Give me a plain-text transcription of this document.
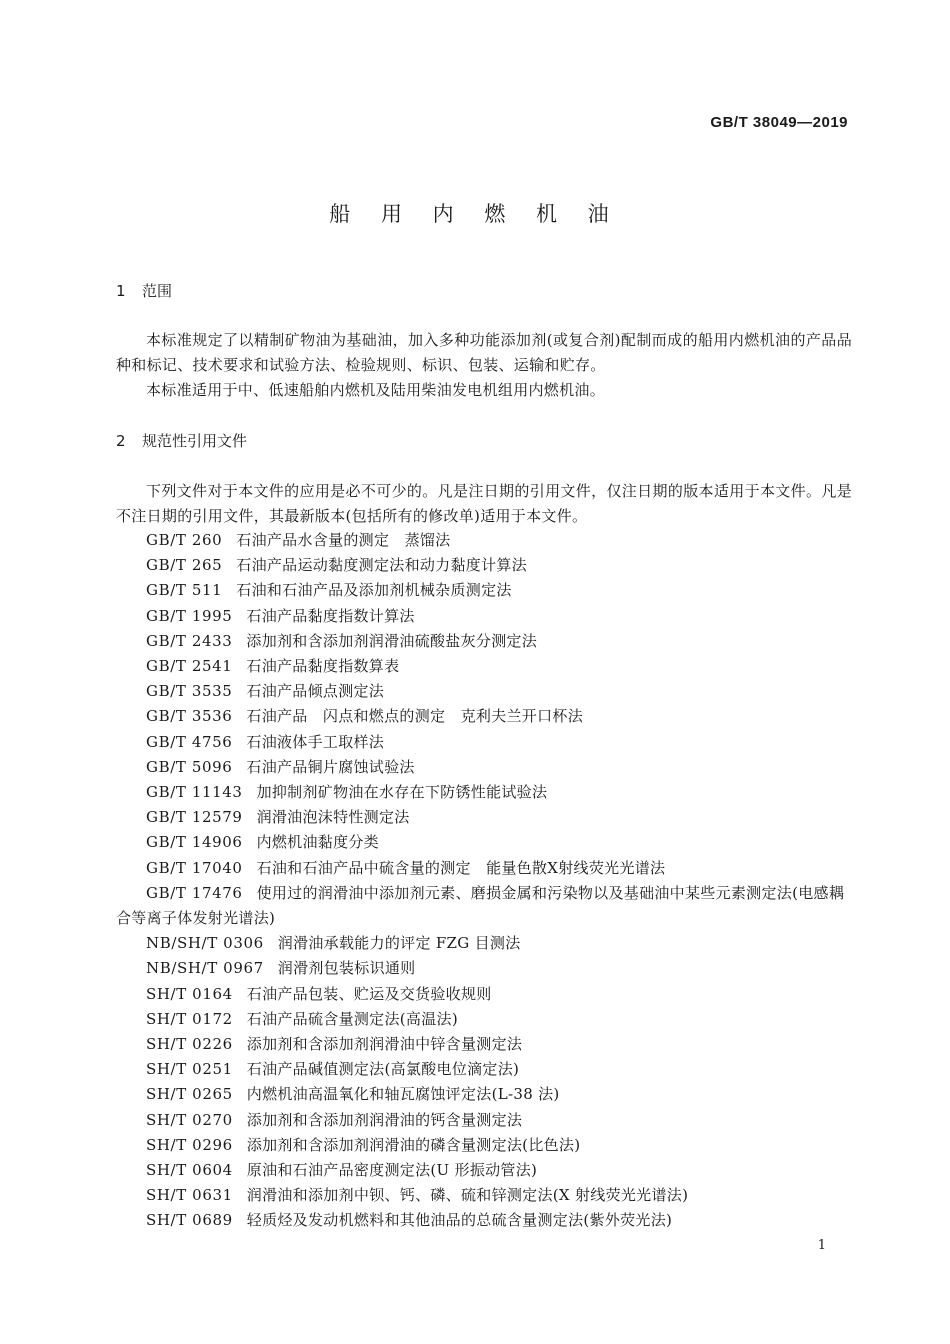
GB/T 38049—2019
船 用 内 燃 机 油
1 范围
本标准规定了以精制矿物油为基础油，加入多种功能添加剂(或复合剂)配制而成的船用内燃机油的产品品种和标记、技术要求和试验方法、检验规则、标识、包装、运输和贮存。
本标准适用于中、低速船舶内燃机及陆用柴油发电机组用内燃机油。
2 规范性引用文件
下列文件对于本文件的应用是必不可少的。凡是注日期的引用文件，仅注日期的版本适用于本文件。凡是不注日期的引用文件，其最新版本(包括所有的修改单)适用于本文件。
GB/T 260 石油产品水含量的测定　蒸馏法
GB/T 265 石油产品运动黏度测定法和动力黏度计算法
GB/T 511 石油和石油产品及添加剂机械杂质测定法
GB/T 1995 石油产品黏度指数计算法
GB/T 2433 添加剂和含添加剂润滑油硫酸盐灰分测定法
GB/T 2541 石油产品黏度指数算表
GB/T 3535 石油产品倾点测定法
GB/T 3536 石油产品　闪点和燃点的测定　克利夫兰开口杯法
GB/T 4756 石油液体手工取样法
GB/T 5096 石油产品铜片腐蚀试验法
GB/T 11143 加抑制剂矿物油在水存在下防锈性能试验法
GB/T 12579 润滑油泡沫特性测定法
GB/T 14906 内燃机油黏度分类
GB/T 17040 石油和石油产品中硫含量的测定　能量色散X射线荧光光谱法
GB/T 17476 使用过的润滑油中添加剂元素、磨损金属和污染物以及基础油中某些元素测定法(电感耦合等离子体发射光谱法)
NB/SH/T 0306 润滑油承载能力的评定 FZG 目测法
NB/SH/T 0967 润滑剂包装标识通则
SH/T 0164 石油产品包装、贮运及交货验收规则
SH/T 0172 石油产品硫含量测定法(高温法)
SH/T 0226 添加剂和含添加剂润滑油中锌含量测定法
SH/T 0251 石油产品碱值测定法(高氯酸电位滴定法)
SH/T 0265 内燃机油高温氧化和轴瓦腐蚀评定法(L-38 法)
SH/T 0270 添加剂和含添加剂润滑油的钙含量测定法
SH/T 0296 添加剂和含添加剂润滑油的磷含量测定法(比色法)
SH/T 0604 原油和石油产品密度测定法(U 形振动管法)
SH/T 0631 润滑油和添加剂中钡、钙、磷、硫和锌测定法(X 射线荧光光谱法)
SH/T 0689 轻质烃及发动机燃料和其他油品的总硫含量测定法(紫外荧光法)
1
